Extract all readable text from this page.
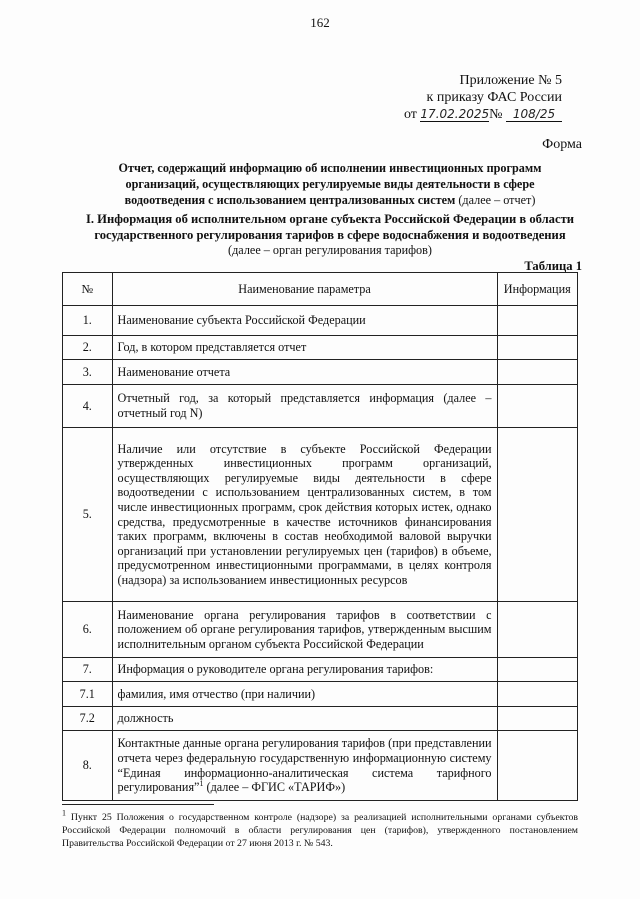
162
Приложение № 5
к приказу ФАС России
от 17.02.2025№ 108/25
Форма
Отчет, содержащий информацию об исполнении инвестиционных программ организаций, осуществляющих регулируемые виды деятельности в сфере водоотведения с использованием централизованных систем (далее – отчет)
I. Информация об исполнительном органе субъекта Российской Федерации в области государственного регулирования тарифов в сфере водоснабжения и водоотведения
(далее – орган регулирования тарифов)
Таблица 1
№	Наименование параметра	Информация
1.	Наименование субъекта Российской Федерации	
2.	Год, в котором представляется отчет	
3.	Наименование отчета	
4.	Отчетный год, за который представляется информация (далее – отчетный год N)	
5.	Наличие или отсутствие в субъекте Российской Федерации утвержденных инвестиционных программ организаций, осуществляющих регулируемые виды деятельности в сфере водоотведении с использованием централизованных систем, в том числе инвестиционных программ, срок действия которых истек, однако средства, предусмотренные в качестве источников финансирования таких программ, включены в состав необходимой валовой выручки организаций при установлении регулируемых цен (тарифов) в объеме, предусмотренном инвестиционными программами, в целях контроля (надзора) за использованием инвестиционных ресурсов	
6.	Наименование органа регулирования тарифов в соответствии с положением об органе регулирования тарифов, утвержденным высшим исполнительным органом субъекта Российской Федерации	
7.	Информация о руководителе органа регулирования тарифов:	
7.1	фамилия, имя отчество (при наличии)	
7.2	должность	
8.	Контактные данные органа регулирования тарифов (при представлении отчета через федеральную государственную информационную систему “Единая информационно-аналитическая система тарифного регулирования”$^1$ (далее – ФГИС «ТАРИФ»)	
$^1$ Пункт 25 Положения о государственном контроле (надзоре) за реализацией исполнительными органами субъектов Российской Федерации полномочий в области регулирования цен (тарифов), утвержденного постановлением Правительства Российской Федерации от 27 июня 2013 г. № 543.
